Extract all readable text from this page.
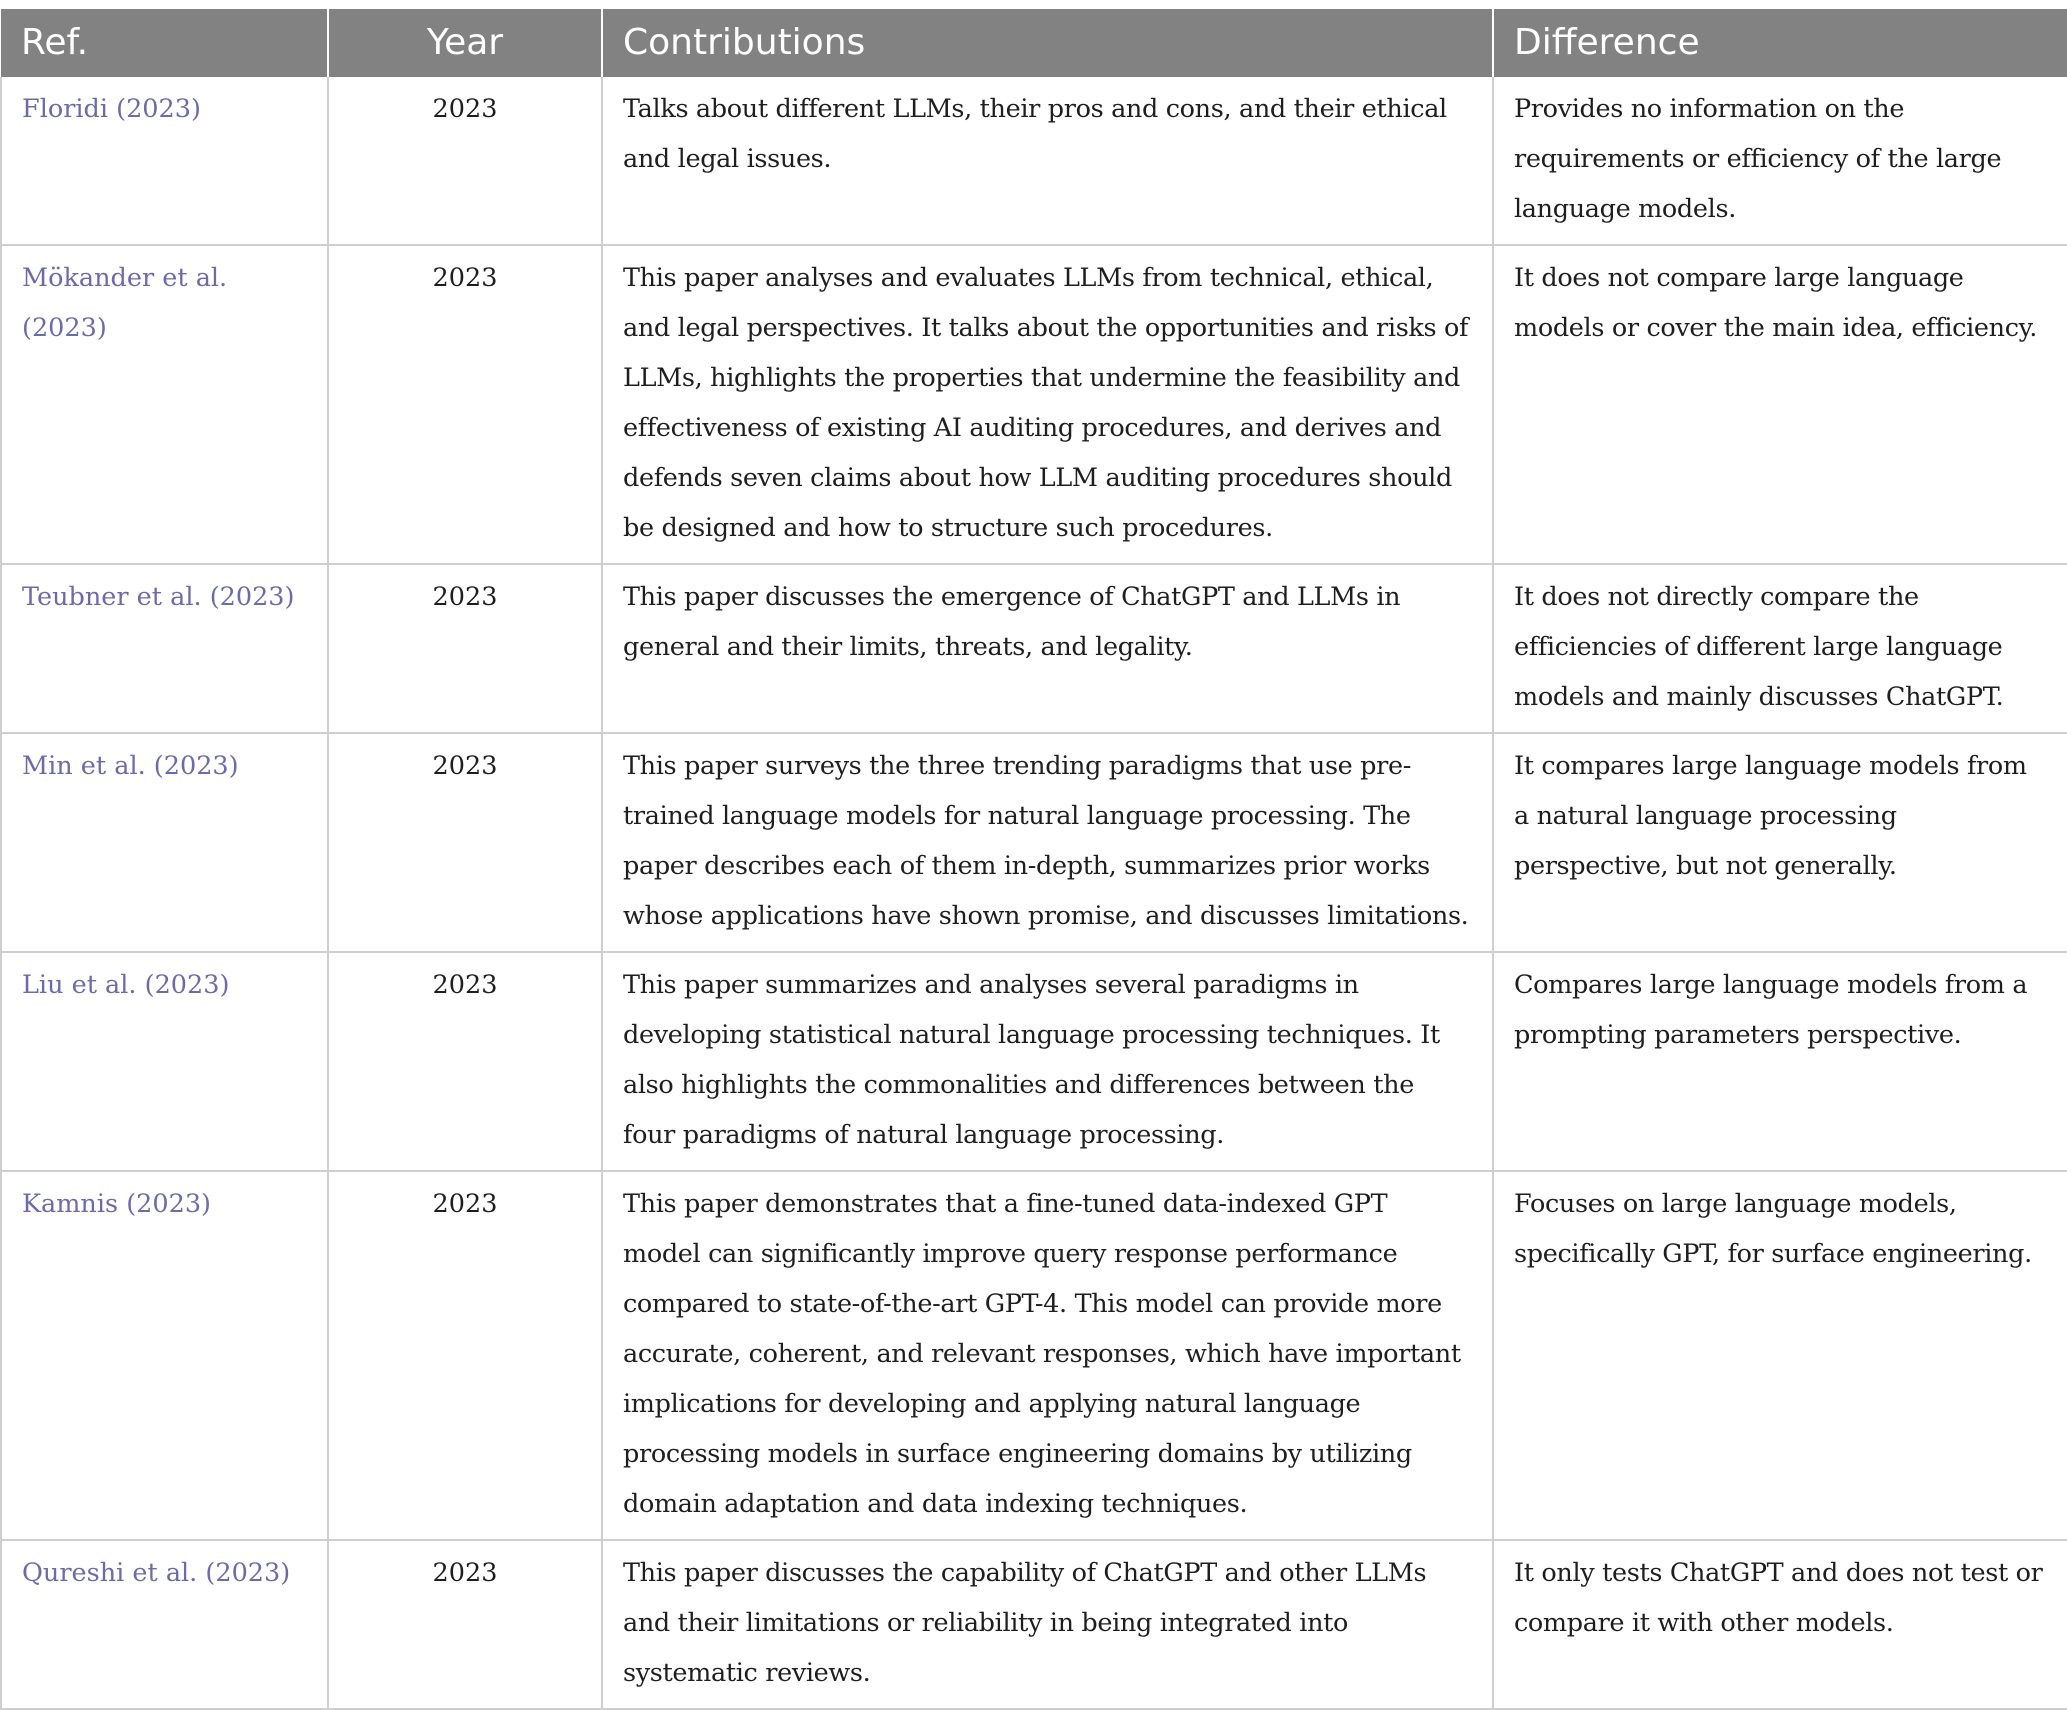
Ref.	Year	Contributions	Difference
Floridi (2023)	2023	Talks about different LLMs, their pros and cons, and their ethical and legal issues.	Provides no information on the requirements or efficiency of the large language models.
Mökander et al. (2023)	2023	This paper analyses and evaluates LLMs from technical, ethical, and legal perspectives. It talks about the opportunities and risks of LLMs, highlights the properties that undermine the feasibility and effectiveness of existing AI auditing procedures, and derives and defends seven claims about how LLM auditing procedures should be designed and how to structure such procedures.	It does not compare large language models or cover the main idea, efficiency.
Teubner et al. (2023)	2023	This paper discusses the emergence of ChatGPT and LLMs in general and their limits, threats, and legality.	It does not directly compare the efficiencies of different large language models and mainly discusses ChatGPT.
Min et al. (2023)	2023	This paper surveys the three trending paradigms that use pre-trained language models for natural language processing. The paper describes each of them in-depth, summarizes prior works whose applications have shown promise, and discusses limitations.	It compares large language models from a natural language processing perspective, but not generally.
Liu et al. (2023)	2023	This paper summarizes and analyses several paradigms in developing statistical natural language processing techniques. It also highlights the commonalities and differences between the four paradigms of natural language processing.	Compares large language models from a prompting parameters perspective.
Kamnis (2023)	2023	This paper demonstrates that a fine-tuned data-indexed GPT model can significantly improve query response performance compared to state-of-the-art GPT-4. This model can provide more accurate, coherent, and relevant responses, which have important implications for developing and applying natural language processing models in surface engineering domains by utilizing domain adaptation and data indexing techniques.	Focuses on large language models, specifically GPT, for surface engineering.
Qureshi et al. (2023)	2023	This paper discusses the capability of ChatGPT and other LLMs and their limitations or reliability in being integrated into systematic reviews.	It only tests ChatGPT and does not test or compare it with other models.
